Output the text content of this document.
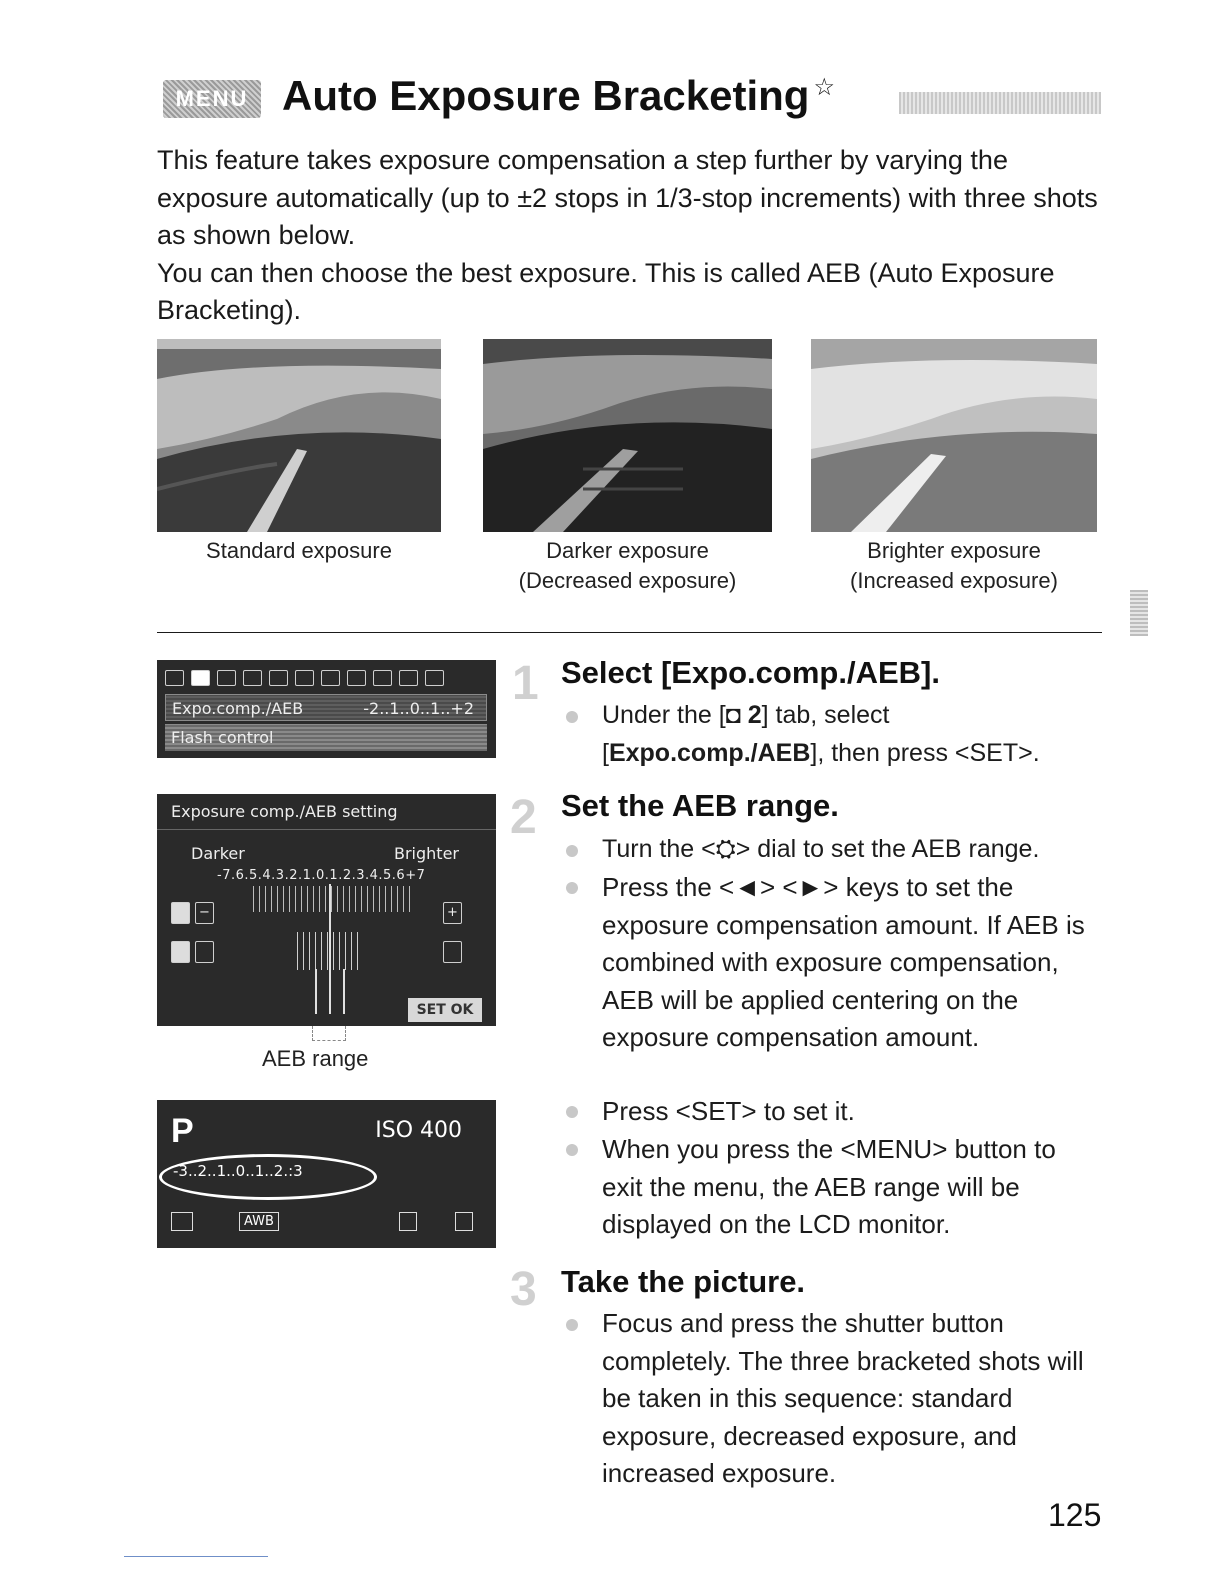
MENU Auto Exposure Bracketing ☆

This feature takes exposure compensation a step further by varying the exposure automatically (up to ±2 stops in 1/3-stop increments) with three shots as shown below.

You can then choose the best exposure. This is called AEB (Auto Exposure Bracketing).

Standard exposure	Darker exposure
(Decreased exposure)
Brighter exposure
(Increased exposure)
Expo.comp./AEB	-2..1..0..1..+2
Flash control
Exposure comp./AEB setting
Darker	Brighter
-7.6.5.4.3.2.1.0.1.2.3.4.5.6+7
−	+
SET OK
AEB range
P	ISO 400
-3..2..1..0..1..2.:3

AWB

1 Select [Expo.comp./AEB].
Under the [◘ 2] tab, select
[Expo.comp./AEB], then press <SET>.
2 Set the AEB range.
Turn the <⛭> dial to set the AEB range.
Press the <◄> <►> keys to set the exposure compensation amount. If AEB is combined with exposure compensation, AEB will be applied centering on the exposure compensation amount.
Press <SET> to set it.
When you press the <MENU> button to exit the menu, the AEB range will be displayed on the LCD monitor.
3 Take the picture.
Focus and press the shutter button completely. The three bracketed shots will be taken in this sequence: standard exposure, decreased exposure, and increased exposure.
125
